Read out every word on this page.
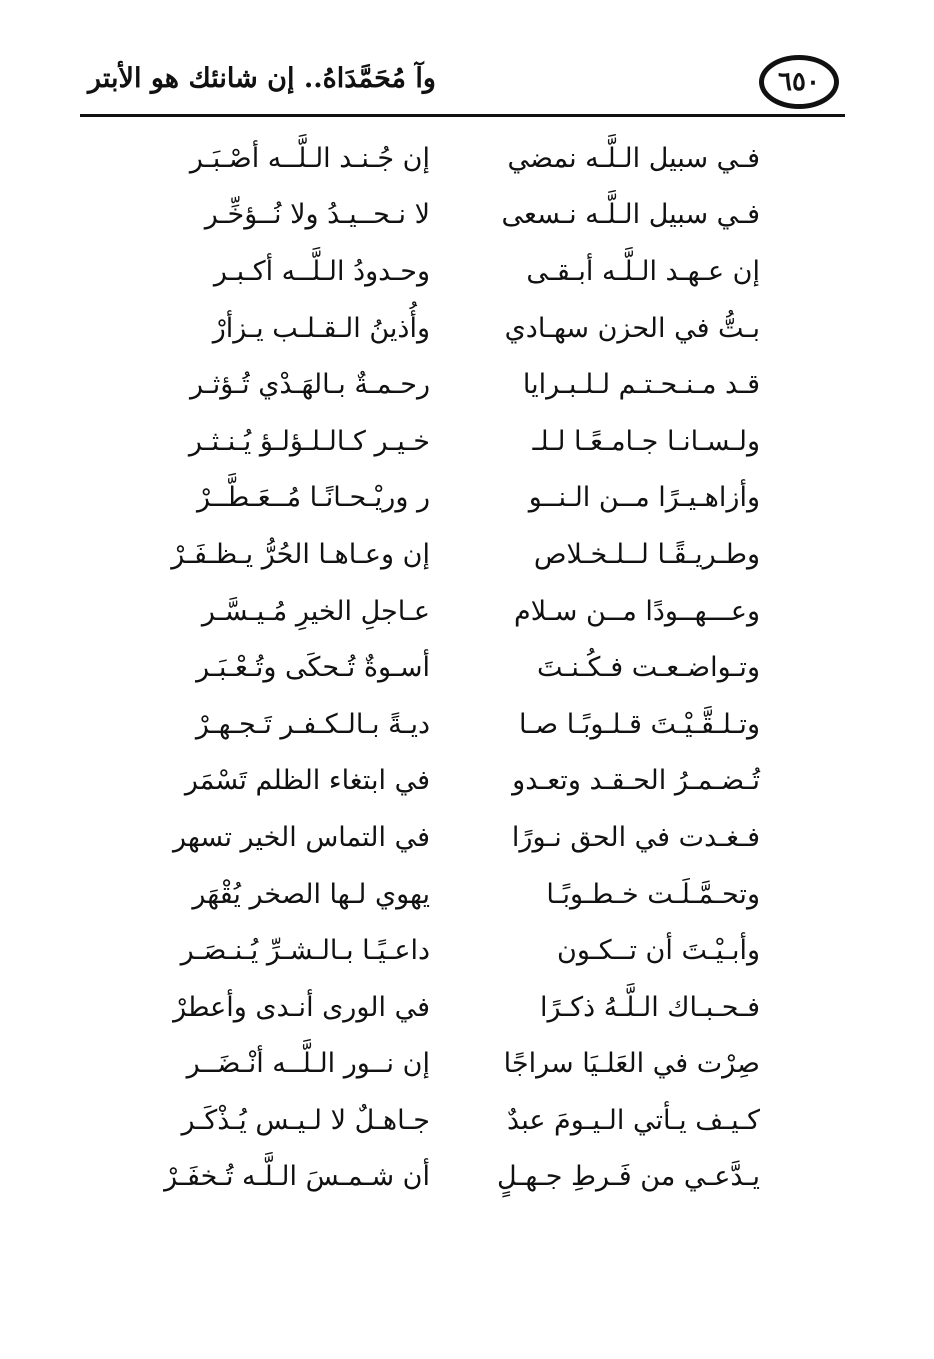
وآ مُحَمَّدَاهُ.. إن شانئك هو الأبتر	٦٥٠
فـي سبيل الـلَّـه نمضي
إن جُـنـد الـلَّــه أصْـبَـر
فـي سبيل الـلَّـه نـسعى
لا نـحــيـدُ ولا نُــؤخِّـر
إن عـهـد الـلَّـه أبـقـى
وحـدودُ الـلَّــه أكـبـر
بـتُّ في الحزن سهـادي
وأُذينُ الـقـلـب يـزأرْ
قـد مـنـحـتـم لـلـبـرايا
رحـمـةٌ بـالهَـدْي تُـؤثـر
ولـسـانـا جـامـعًـا لـلـ
خـيـر كـالـلـؤلـؤ يُـنـثـر
وأزاهـيـرًا مــن الـنــو
ر وريْـحـانًـا مُــعَـطَّــرْ
وطـريـقًـا لــلـخـلاص
إن وعـاهـا الحُرُّ يـظـفَـرْ
وعـــهــودًا مــن سـلام
عـاجلِ الخيرِ مُـيـسَّـر
وتـواضـعـت فـكُـنـتَ
أسـوةٌ تُـحكَى وتُـعْـبَـر
وتـلـقَّـيْـتَ قـلـوبًـا صـا
ديـةً بـالـكـفـر تَـجـهـرْ
تُـضـمـرُ الحـقـد وتعـدو
في ابتغاء الظلم تَسْمَر
فـغـدت في الحق نـورًا
في التماس الخير تسهر
وتحـمَّـلَـت خـطـوبًـا
يهوي لـها الصخر يُقْهَر
وأبـيْـتَ أن تــكـون
داعـيًـا بـالـشـرِّ يُـنـصَـر
فـحـبـاك الـلَّـهُ ذكـرًا
في الورى أنـدى وأعطرْ
صِرْت في العَلـيَا سراجًا
إن نــور الـلَّــه أنْـضَــر
كـيـف يـأتي الـيـومَ عبدٌ
جـاهـلٌ لا لـيـس يُـذْكَـر
يـدَّعـي من فَـرطِ جـهـلٍ
أن شـمـسَ الـلَّـه تُـخفَـرْ
